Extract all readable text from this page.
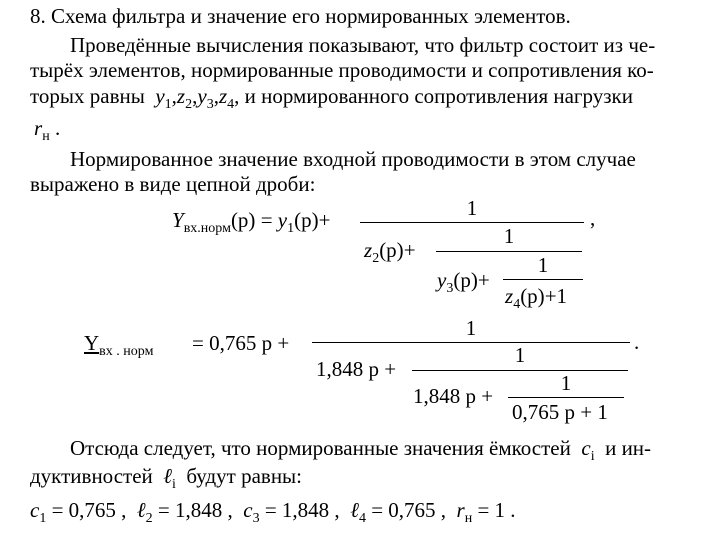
8. Схема фильтра и значение его нормированных элементов.
Проведённые вычисления показывают, что фильтр состоит из че-
тырёх элементов, нормированные проводимости и сопротивления ко-
торых равны $y_1,z_2,y_3,z_4$, и нормированного сопротивления нагрузки
$r_н$ .
Нормированное значение входной проводимости в этом случае
выражено в виде цепной дроби:
$Y_{вх.норм}(p) = y_1(p)+$	1	,
$z_2(p)+$
1
$y_3(p)+$
1
$z_4(p)+1$
$Y_{вх . норм} = 0,765$ p +
1
.
1,848 p +
1
1,848 p +
1
0,765 p + 1
Отсюда следует, что нормированные значения ёмкостей $c_i$ и ин-
дуктивностей ℓ$_i$ будут равны:
$c_1 = 0,765$ , ℓ$_2$ = 1,848 , $c_3 = 1,848$ , ℓ$_4$ = 0,765 , $r_н = 1$ .
